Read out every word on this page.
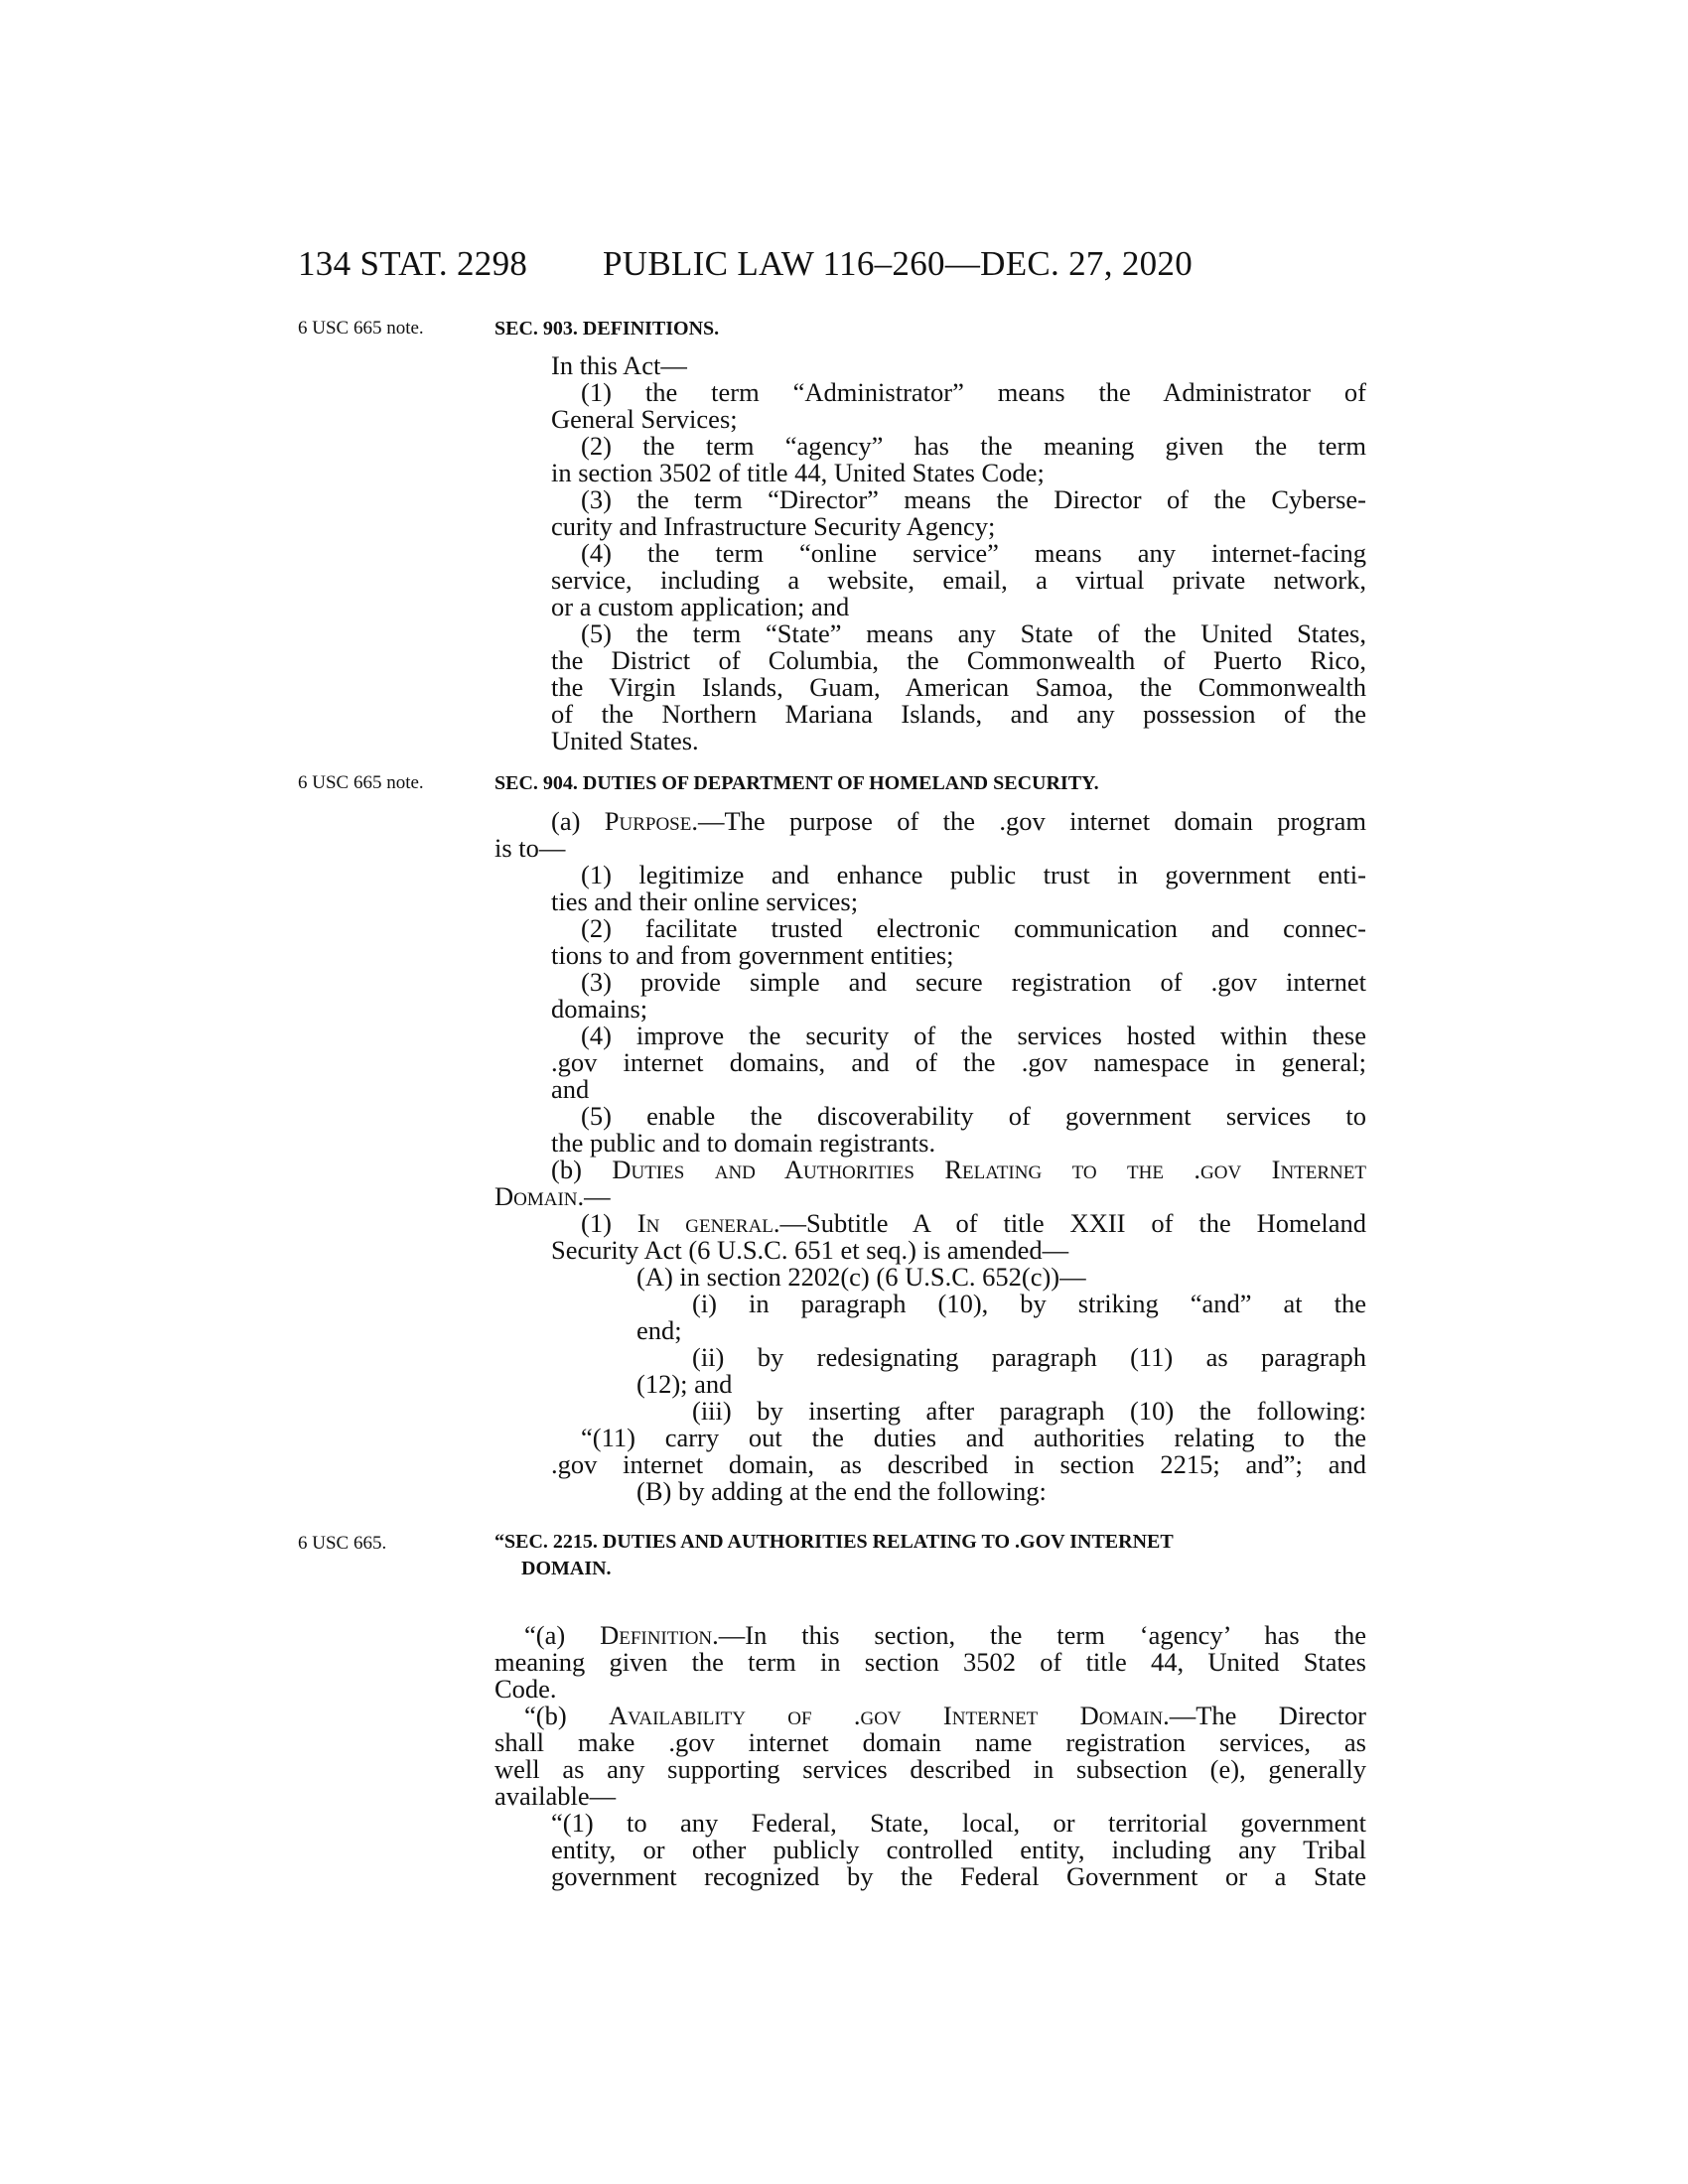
134 STAT. 2298 PUBLIC LAW 116–260—DEC. 27, 2020
6 USC 665 note.	SEC. 903. DEFINITIONS.
In this Act—
(1) the term “Administrator” means the Administrator of
General Services;
(2) the term “agency” has the meaning given the term
in section 3502 of title 44, United States Code;
(3) the term “Director” means the Director of the Cyberse-
curity and Infrastructure Security Agency;
(4) the term “online service” means any internet-facing
service, including a website, email, a virtual private network,
or a custom application; and
(5) the term “State” means any State of the United States,
the District of Columbia, the Commonwealth of Puerto Rico,
the Virgin Islands, Guam, American Samoa, the Commonwealth
of the Northern Mariana Islands, and any possession of the
United States.
6 USC 665 note.	SEC. 904. DUTIES OF DEPARTMENT OF HOMELAND SECURITY.
(a) Purpose.—The purpose of the .gov internet domain program
is to—
(1) legitimize and enhance public trust in government enti-
ties and their online services;
(2) facilitate trusted electronic communication and connec-
tions to and from government entities;
(3) provide simple and secure registration of .gov internet
domains;
(4) improve the security of the services hosted within these
.gov internet domains, and of the .gov namespace in general;
and
(5) enable the discoverability of government services to
the public and to domain registrants.
(b) Duties and Authorities Relating to the .gov Internet
Domain.—
(1) In general.—Subtitle A of title XXII of the Homeland
Security Act (6 U.S.C. 651 et seq.) is amended—
(A) in section 2202(c) (6 U.S.C. 652(c))—
(i) in paragraph (10), by striking “and” at the
end;
(ii) by redesignating paragraph (11) as paragraph
(12); and
(iii) by inserting after paragraph (10) the following:
“(11) carry out the duties and authorities relating to the
.gov internet domain, as described in section 2215; and”; and
(B) by adding at the end the following:
6 USC 665.	“SEC. 2215. DUTIES AND AUTHORITIES RELATING TO .GOV INTERNET
DOMAIN.
“(a) Definition.—In this section, the term ‘agency’ has the
meaning given the term in section 3502 of title 44, United States
Code.
“(b) Availability of .gov Internet Domain.—The Director
shall make .gov internet domain name registration services, as
well as any supporting services described in subsection (e), generally
available—
“(1) to any Federal, State, local, or territorial government
entity, or other publicly controlled entity, including any Tribal
government recognized by the Federal Government or a State
